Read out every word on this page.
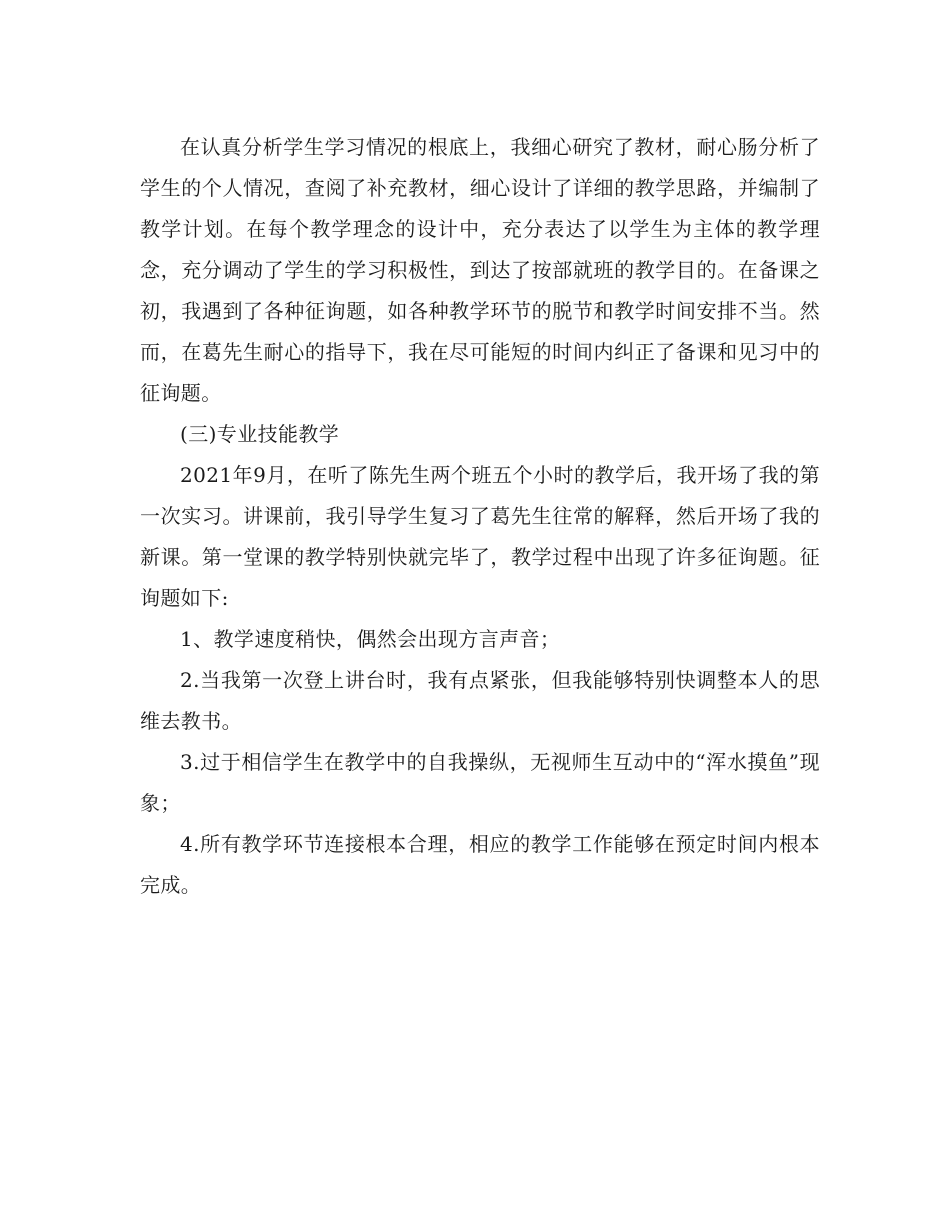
在认真分析学生学习情况的根底上，我细心研究了教材，耐心肠分析了学生的个人情况，查阅了补充教材，细心设计了详细的教学思路，并编制了教学计划。在每个教学理念的设计中，充分表达了以学生为主体的教学理念，充分调动了学生的学习积极性，到达了按部就班的教学目的。在备课之初，我遇到了各种征询题，如各种教学环节的脱节和教学时间安排不当。然而，在葛先生耐心的指导下，我在尽可能短的时间内纠正了备课和见习中的征询题。

(三)专业技能教学

2021年9月，在听了陈先生两个班五个小时的教学后，我开场了我的第一次实习。讲课前，我引导学生复习了葛先生往常的解释，然后开场了我的新课。第一堂课的教学特别快就完毕了，教学过程中出现了许多征询题。征询题如下:

1、教学速度稍快，偶然会出现方言声音；

2.当我第一次登上讲台时，我有点紧张，但我能够特别快调整本人的思维去教书。

3.过于相信学生在教学中的自我操纵，无视师生互动中的“浑水摸鱼”现象；

4.所有教学环节连接根本合理，相应的教学工作能够在预定时间内根本完成。
